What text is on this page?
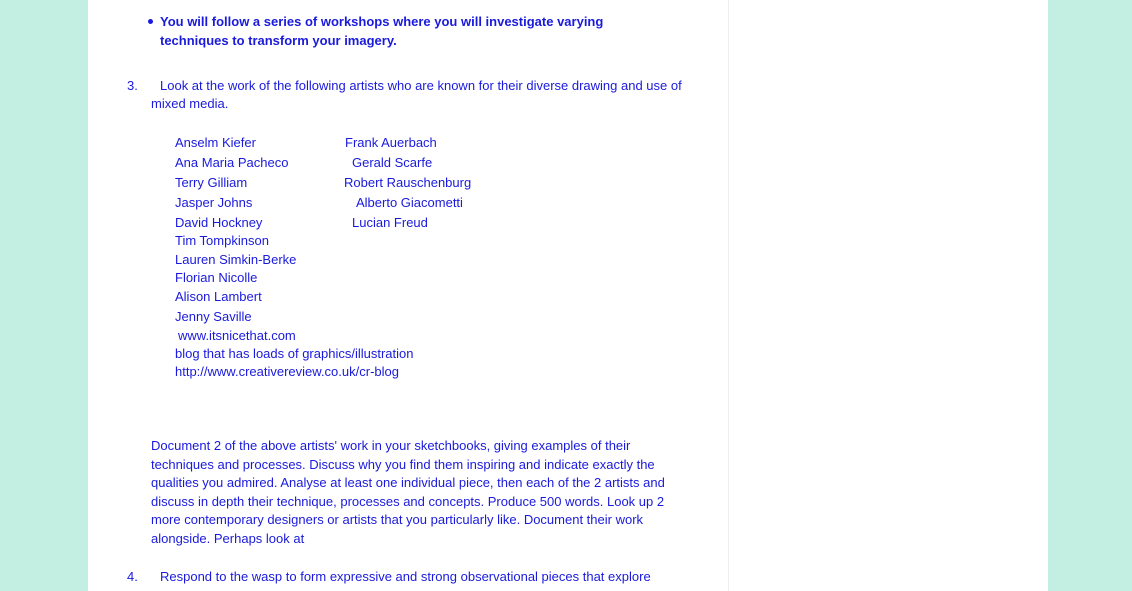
You will follow a series of workshops where you will investigate varying
techniques to transform your imagery.
3. Look at the work of the following artists who are known for their diverse drawing and use of
mixed media.
Anselm Kiefer
Ana Maria Pacheco
Terry Gilliam
Jasper Johns
David Hockney
Tim Tompkinson
Lauren Simkin-Berke
Florian Nicolle
Alison Lambert
Jenny Saville
www.itsnicethat.com
blog that has loads of graphics/illustration
http://www.creativereview.co.uk/cr-blog
Frank Auerbach
Gerald Scarfe
Robert Rauschenburg
Alberto Giacometti
Lucian Freud
Document 2 of the above artists' work in your sketchbooks, giving examples of their
techniques and processes. Discuss why you find them inspiring and indicate exactly the
qualities you admired. Analyse at least one individual piece, then each of the 2 artists and
discuss in depth their technique, processes and concepts. Produce 500 words. Look up 2
more contemporary designers or artists that you particularly like. Document their work
alongside. Perhaps look at
4. Respond to the wasp to form expressive and strong observational pieces that explore
